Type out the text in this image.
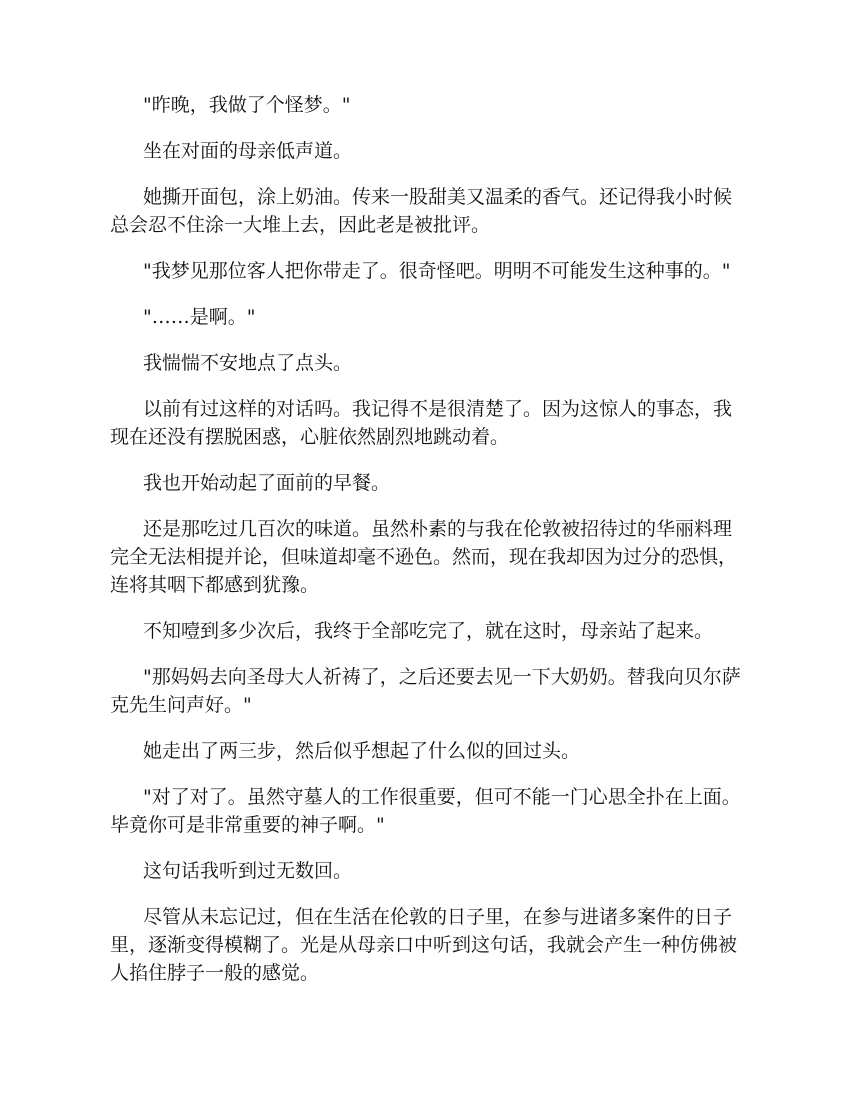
"昨晚，我做了个怪梦。"

坐在对面的母亲低声道。

她撕开面包，涂上奶油。传来一股甜美又温柔的香气。还记得我小时候总会忍不住涂一大堆上去，因此老是被批评。

"我梦见那位客人把你带走了。很奇怪吧。明明不可能发生这种事的。"

"……是啊。"

我惴惴不安地点了点头。

以前有过这样的对话吗。我记得不是很清楚了。因为这惊人的事态，我现在还没有摆脱困惑，心脏依然剧烈地跳动着。

我也开始动起了面前的早餐。

还是那吃过几百次的味道。虽然朴素的与我在伦敦被招待过的华丽料理完全无法相提并论，但味道却毫不逊色。然而，现在我却因为过分的恐惧，连将其咽下都感到犹豫。

不知噎到多少次后，我终于全部吃完了，就在这时，母亲站了起来。

"那妈妈去向圣母大人祈祷了，之后还要去见一下大奶奶。替我向贝尔萨克先生问声好。"

她走出了两三步，然后似乎想起了什么似的回过头。

"对了对了。虽然守墓人的工作很重要，但可不能一门心思全扑在上面。毕竟你可是非常重要的神子啊。"

这句话我听到过无数回。

尽管从未忘记过，但在生活在伦敦的日子里，在参与进诸多案件的日子里，逐渐变得模糊了。光是从母亲口中听到这句话，我就会产生一种仿佛被人掐住脖子一般的感觉。
